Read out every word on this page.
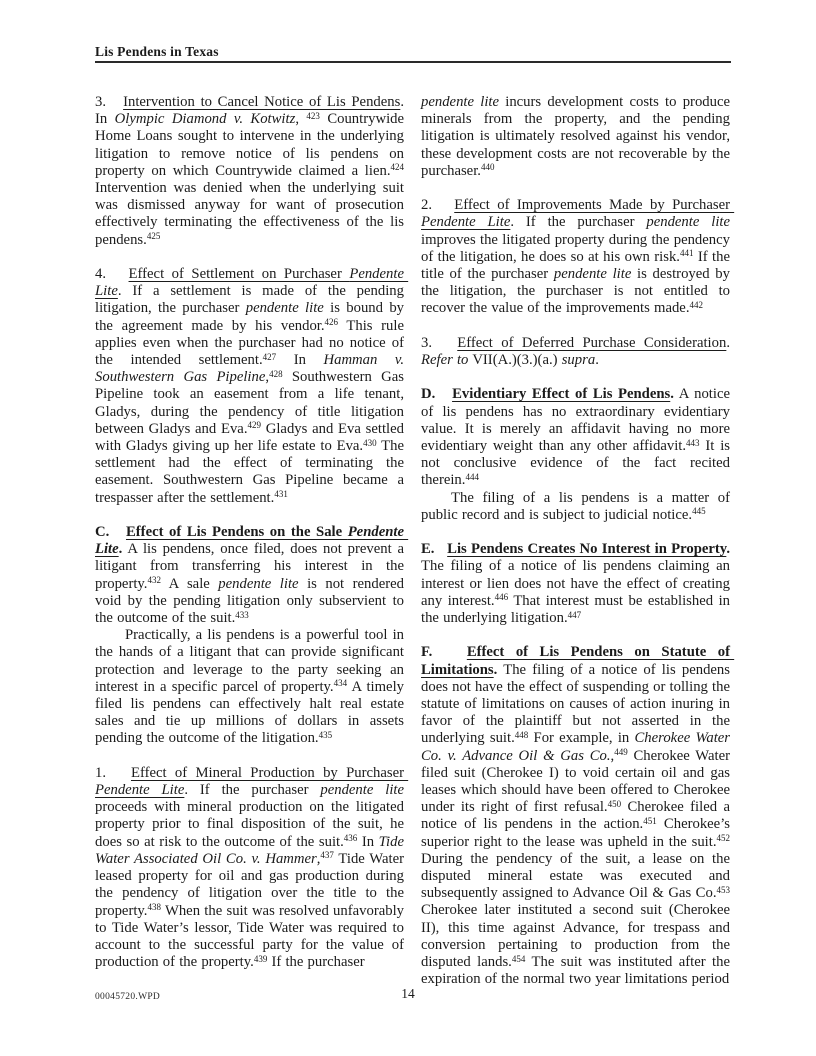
Lis Pendens in Texas

3.   Intervention to Cancel Notice of Lis Pendens. In Olympic Diamond v. Kotwitz, $^{423}$ Countrywide Home Loans sought to intervene in the underlying litigation to remove notice of lis pendens on property on which Countrywide claimed a lien.$^{424}$ Intervention was denied when the underlying suit was dismissed anyway for want of prosecution effectively terminating the effectiveness of the lis pendens.$^{425}$

4.   Effect of Settlement on Purchaser Pendente Lite. If a settlement is made of the pending litigation, the purchaser pendente lite is bound by the agreement made by his vendor.$^{426}$ This rule applies even when the purchaser had no notice of the intended settlement.$^{427}$ In Hamman v. Southwestern Gas Pipeline,$^{428}$ Southwestern Gas Pipeline took an easement from a life tenant, Gladys, during the pendency of title litigation between Gladys and Eva.$^{429}$ Gladys and Eva settled with Gladys giving up her life estate to Eva.$^{430}$ The settlement had the effect of terminating the easement. Southwestern Gas Pipeline became a trespasser after the settlement.$^{431}$

C.   Effect of Lis Pendens on the Sale Pendente Lite. A lis pendens, once filed, does not prevent a litigant from transferring his interest in the property.$^{432}$ A sale pendente lite is not rendered void by the pending litigation only subservient to the outcome of the suit.$^{433}$

Practically, a lis pendens is a powerful tool in the hands of a litigant that can provide significant protection and leverage to the party seeking an interest in a specific parcel of property.$^{434}$ A timely filed lis pendens can effectively halt real estate sales and tie up millions of dollars in assets pending the outcome of the litigation.$^{435}$

1.   Effect of Mineral Production by Purchaser Pendente Lite. If the purchaser pendente lite proceeds with mineral production on the litigated property prior to final disposition of the suit, he does so at risk to the outcome of the suit.$^{436}$ In Tide Water Associated Oil Co. v. Hammer,$^{437}$ Tide Water leased property for oil and gas production during the pendency of litigation over the title to the property.$^{438}$ When the suit was resolved unfavorably to Tide Water’s lessor, Tide Water was required to account to the successful party for the value of production of the property.$^{439}$ If the purchaser

pendente lite incurs development costs to produce minerals from the property, and the pending litigation is ultimately resolved against his vendor, these development costs are not recoverable by the purchaser.$^{440}$

2.   Effect of Improvements Made by Purchaser Pendente Lite. If the purchaser pendente lite improves the litigated property during the pendency of the litigation, he does so at his own risk.$^{441}$ If the title of the purchaser pendente lite is destroyed by the litigation, the purchaser is not entitled to recover the value of the improvements made.$^{442}$

3.   Effect of Deferred Purchase Consideration. Refer to VII(A.)(3.)(a.) supra.

D.   Evidentiary Effect of Lis Pendens. A notice of lis pendens has no extraordinary evidentiary value. It is merely an affidavit having no more evidentiary weight than any other affidavit.$^{443}$ It is not conclusive evidence of the fact recited therein.$^{444}$

The filing of a lis pendens is a matter of public record and is subject to judicial notice.$^{445}$

E.   Lis Pendens Creates No Interest in Property. The filing of a notice of lis pendens claiming an interest or lien does not have the effect of creating any interest.$^{446}$ That interest must be established in the underlying litigation.$^{447}$

F.   Effect of Lis Pendens on Statute of Limitations. The filing of a notice of lis pendens does not have the effect of suspending or tolling the statute of limitations on causes of action inuring in favor of the plaintiff but not asserted in the underlying suit.$^{448}$ For example, in Cherokee Water Co. v. Advance Oil & Gas Co.,$^{449}$ Cherokee Water filed suit (Cherokee I) to void certain oil and gas leases which should have been offered to Cherokee under its right of first refusal.$^{450}$ Cherokee filed a notice of lis pendens in the action.$^{451}$ Cherokee’s superior right to the lease was upheld in the suit.$^{452}$ During the pendency of the suit, a lease on the disputed mineral estate was executed and subsequently assigned to Advance Oil & Gas Co.$^{453}$ Cherokee later instituted a second suit (Cherokee II), this time against Advance, for trespass and conversion pertaining to production from the disputed lands.$^{454}$ The suit was instituted after the expiration of the normal two year limitations period

00045720.WPD	14
